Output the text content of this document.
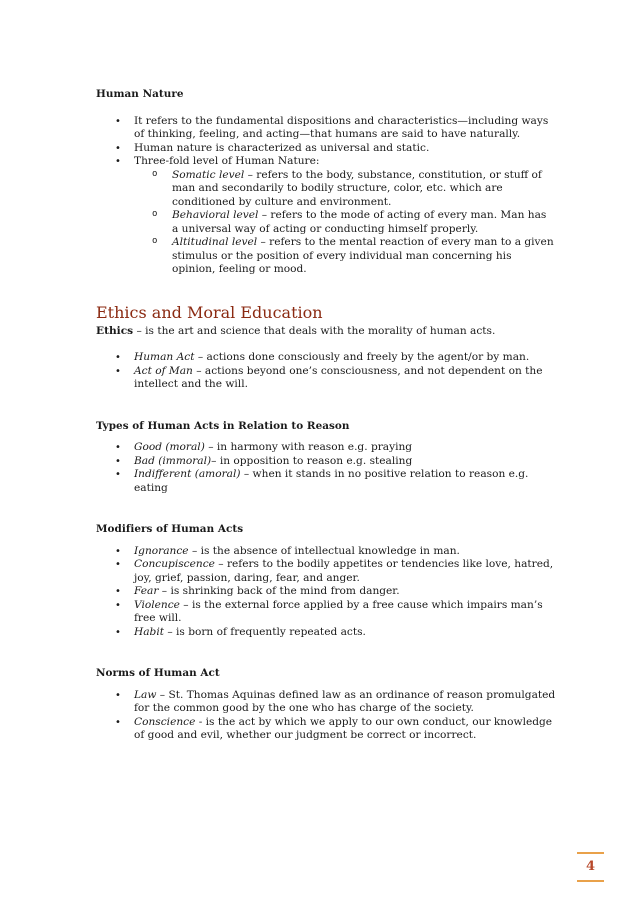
Human Nature

• It refers to the fundamental dispositions and characteristics—including ways of thinking, feeling, and acting—that humans are said to have naturally.
• Human nature is characterized as universal and static.
• Three-fold level of Human Nature:
o Somatic level – refers to the body, substance, constitution, or stuff of man and secondarily to bodily structure, color, etc. which are conditioned by culture and environment.
o Behavioral level – refers to the mode of acting of every man. Man has a universal way of acting or conducting himself properly.
o Altitudinal level – refers to the mental reaction of every man to a given stimulus or the position of every individual man concerning his opinion, feeling or mood.

Ethics and Moral Education

Ethics – is the art and science that deals with the morality of human acts.

• Human Act – actions done consciously and freely by the agent/or by man.
• Act of Man – actions beyond one’s consciousness, and not dependent on the intellect and the will.

Types of Human Acts in Relation to Reason

• Good (moral) – in harmony with reason e.g. praying
• Bad (immoral)– in opposition to reason e.g. stealing
• Indifferent (amoral) – when it stands in no positive relation to reason e.g. eating

Modifiers of Human Acts

• Ignorance – is the absence of intellectual knowledge in man.
• Concupiscence – refers to the bodily appetites or tendencies like love, hatred, joy, grief, passion, daring, fear, and anger.
• Fear – is shrinking back of the mind from danger.
• Violence – is the external force applied by a free cause which impairs man’s free will.
• Habit – is born of frequently repeated acts.

Norms of Human Act

• Law – St. Thomas Aquinas defined law as an ordinance of reason promulgated for the common good by the one who has charge of the society.
• Conscience - is the act by which we apply to our own conduct, our knowledge of good and evil, whether our judgment be correct or incorrect.
4
